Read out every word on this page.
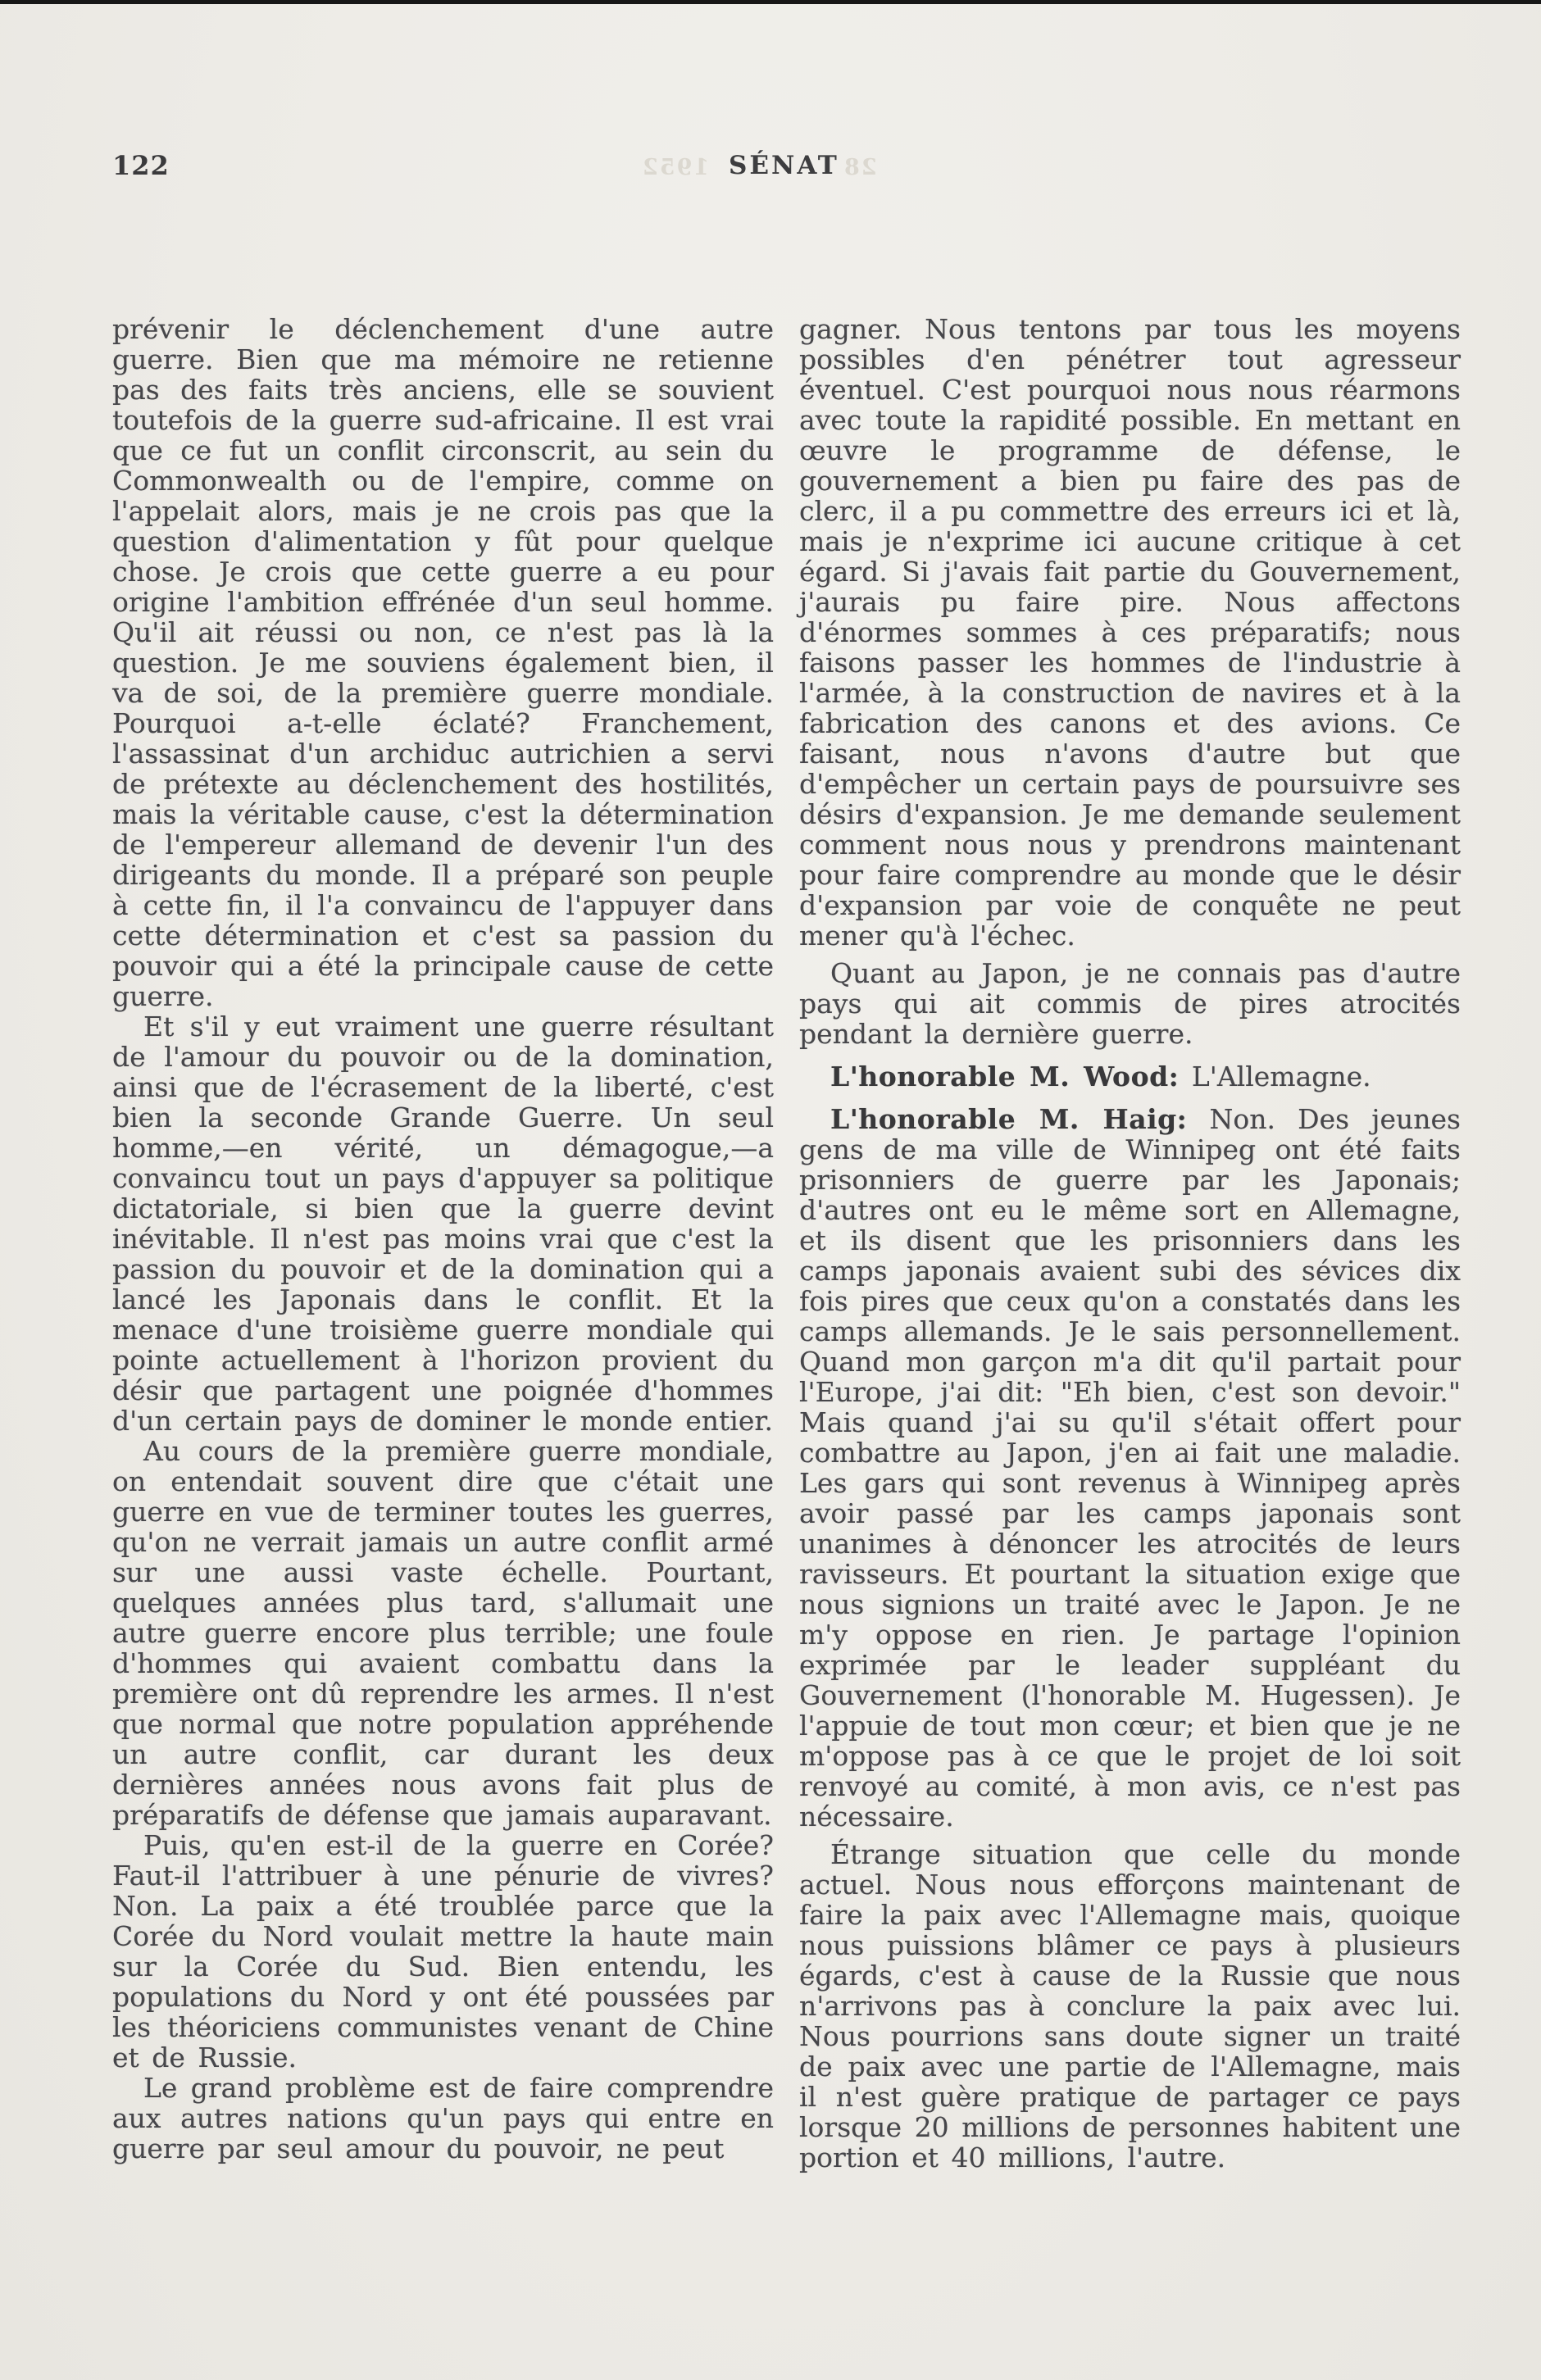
122	1952 SÉNAT 28

prévenir le déclenchement d'une autre guerre. Bien que ma mémoire ne retienne pas des faits très anciens, elle se souvient toutefois de la guerre sud-africaine. Il est vrai que ce fut un conflit circonscrit, au sein du Commonwealth ou de l'empire, comme on l'appelait alors, mais je ne crois pas que la question d'alimentation y fût pour quelque chose. Je crois que cette guerre a eu pour origine l'ambition effrénée d'un seul homme. Qu'il ait réussi ou non, ce n'est pas là la question. Je me souviens également bien, il va de soi, de la première guerre mondiale. Pourquoi a-t-elle éclaté? Franchement, l'assassinat d'un archiduc autrichien a servi de prétexte au déclenchement des hostilités, mais la véritable cause, c'est la détermination de l'empereur allemand de devenir l'un des dirigeants du monde. Il a préparé son peuple à cette fin, il l'a convaincu de l'appuyer dans cette détermination et c'est sa passion du pouvoir qui a été la principale cause de cette guerre.

Et s'il y eut vraiment une guerre résultant de l'amour du pouvoir ou de la domination, ainsi que de l'écrasement de la liberté, c'est bien la seconde Grande Guerre. Un seul homme,—en vérité, un démagogue,—a convaincu tout un pays d'appuyer sa politique dictatoriale, si bien que la guerre devint inévitable. Il n'est pas moins vrai que c'est la passion du pouvoir et de la domination qui a lancé les Japonais dans le conflit. Et la menace d'une troisième guerre mondiale qui pointe actuellement à l'horizon provient du désir que partagent une poignée d'hommes d'un certain pays de dominer le monde entier.

Au cours de la première guerre mondiale, on entendait souvent dire que c'était une guerre en vue de terminer toutes les guerres, qu'on ne verrait jamais un autre conflit armé sur une aussi vaste échelle. Pourtant, quelques années plus tard, s'allumait une autre guerre encore plus terrible; une foule d'hommes qui avaient combattu dans la première ont dû reprendre les armes. Il n'est que normal que notre population appréhende un autre conflit, car durant les deux dernières années nous avons fait plus de préparatifs de défense que jamais auparavant.

Puis, qu'en est-il de la guerre en Corée? Faut-il l'attribuer à une pénurie de vivres? Non. La paix a été troublée parce que la Corée du Nord voulait mettre la haute main sur la Corée du Sud. Bien entendu, les populations du Nord y ont été poussées par les théoriciens communistes venant de Chine et de Russie.

Le grand problème est de faire comprendre aux autres nations qu'un pays qui entre en guerre par seul amour du pouvoir, ne peut

gagner. Nous tentons par tous les moyens possibles d'en pénétrer tout agresseur éventuel. C'est pourquoi nous nous réarmons avec toute la rapidité possible. En mettant en œuvre le programme de défense, le gouvernement a bien pu faire des pas de clerc, il a pu commettre des erreurs ici et là, mais je n'exprime ici aucune critique à cet égard. Si j'avais fait partie du Gouvernement, j'aurais pu faire pire. Nous affectons d'énormes sommes à ces préparatifs; nous faisons passer les hommes de l'industrie à l'armée, à la construction de navires et à la fabrication des canons et des avions. Ce faisant, nous n'avons d'autre but que d'empêcher un certain pays de poursuivre ses désirs d'expansion. Je me demande seulement comment nous nous y prendrons maintenant pour faire comprendre au monde que le désir d'expansion par voie de conquête ne peut mener qu'à l'échec.

Quant au Japon, je ne connais pas d'autre pays qui ait commis de pires atrocités pendant la dernière guerre.

L'honorable M. Wood: L'Allemagne.

L'honorable M. Haig: Non. Des jeunes gens de ma ville de Winnipeg ont été faits prisonniers de guerre par les Japonais; d'autres ont eu le même sort en Allemagne, et ils disent que les prisonniers dans les camps japonais avaient subi des sévices dix fois pires que ceux qu'on a constatés dans les camps allemands. Je le sais personnellement. Quand mon garçon m'a dit qu'il partait pour l'Europe, j'ai dit: "Eh bien, c'est son devoir." Mais quand j'ai su qu'il s'était offert pour combattre au Japon, j'en ai fait une maladie. Les gars qui sont revenus à Winnipeg après avoir passé par les camps japonais sont unanimes à dénoncer les atrocités de leurs ravisseurs. Et pourtant la situation exige que nous signions un traité avec le Japon. Je ne m'y oppose en rien. Je partage l'opinion exprimée par le leader suppléant du Gouvernement (l'honorable M. Hugessen). Je l'appuie de tout mon cœur; et bien que je ne m'oppose pas à ce que le projet de loi soit renvoyé au comité, à mon avis, ce n'est pas nécessaire.

Étrange situation que celle du monde actuel. Nous nous efforçons maintenant de faire la paix avec l'Allemagne mais, quoique nous puissions blâmer ce pays à plusieurs égards, c'est à cause de la Russie que nous n'arrivons pas à conclure la paix avec lui. Nous pourrions sans doute signer un traité de paix avec une partie de l'Allemagne, mais il n'est guère pratique de partager ce pays lorsque 20 millions de personnes habitent une portion et 40 millions, l'autre.
